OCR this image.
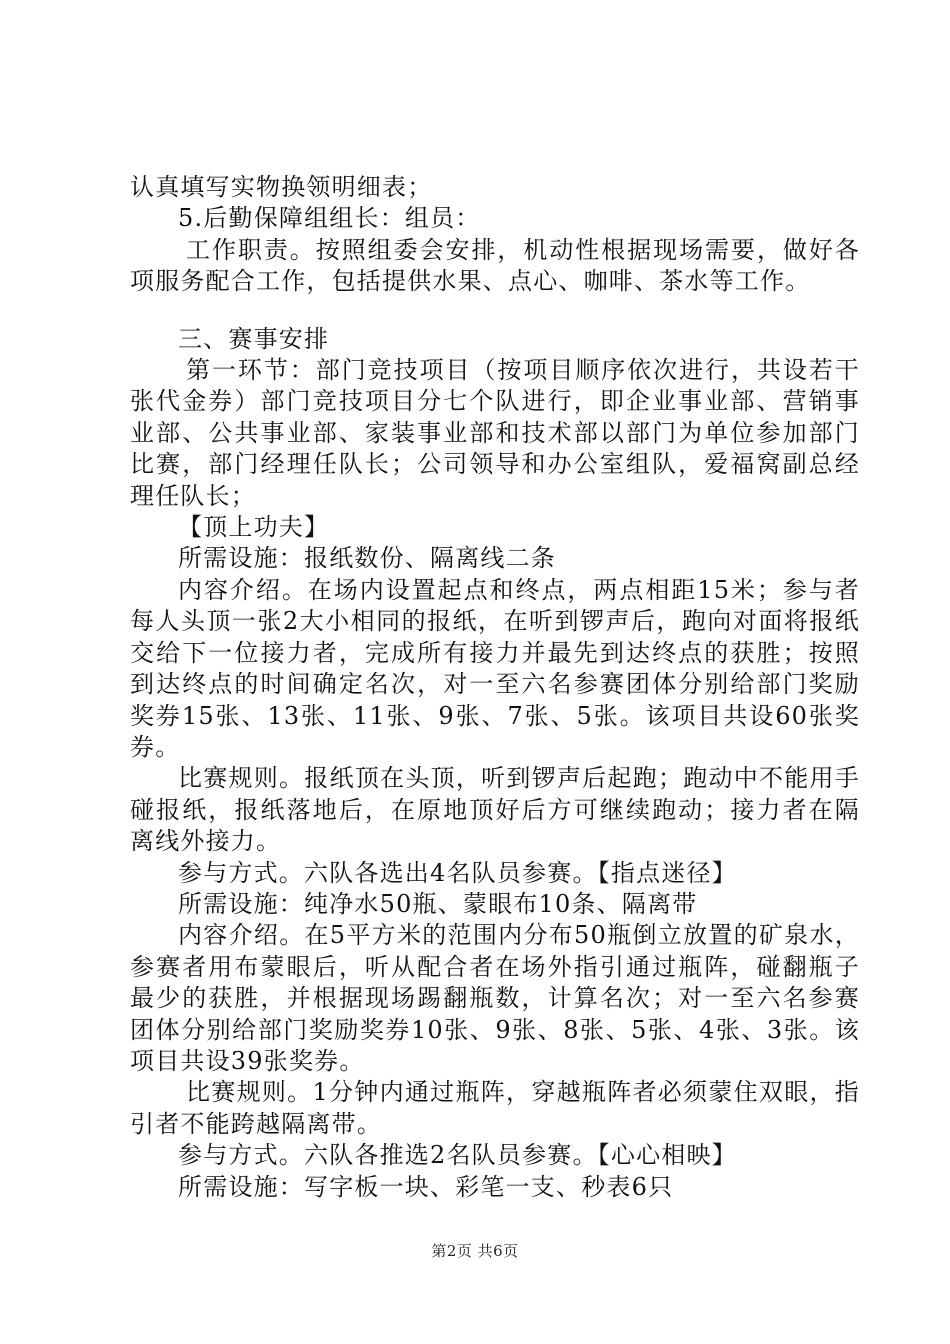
认真填写实物换领明细表；

5.后勤保障组组长：组员：

工作职责。按照组委会安排，机动性根据现场需要，做好各项服务配合工作，包括提供水果、点心、咖啡、茶水等工作。

三、赛事安排

第一环节：部门竞技项目（按项目顺序依次进行，共设若干张代金券）部门竞技项目分七个队进行，即企业事业部、营销事业部、公共事业部、家装事业部和技术部以部门为单位参加部门比赛，部门经理任队长；公司领导和办公室组队，爱福窝副总经理任队长；

【顶上功夫】

所需设施：报纸数份、隔离线二条

内容介绍。在场内设置起点和终点，两点相距15米；参与者每人头顶一张2大小相同的报纸，在听到锣声后，跑向对面将报纸交给下一位接力者，完成所有接力并最先到达终点的获胜；按照到达终点的时间确定名次，对一至六名参赛团体分别给部门奖励奖券15张、13张、11张、9张、7张、5张。该项目共设60张奖券。

比赛规则。报纸顶在头顶，听到锣声后起跑；跑动中不能用手碰报纸，报纸落地后，在原地顶好后方可继续跑动；接力者在隔离线外接力。

参与方式。六队各选出4名队员参赛。【指点迷径】

所需设施：纯净水50瓶、蒙眼布10条、隔离带

内容介绍。在5平方米的范围内分布50瓶倒立放置的矿泉水，参赛者用布蒙眼后，听从配合者在场外指引通过瓶阵，碰翻瓶子最少的获胜，并根据现场踢翻瓶数，计算名次；对一至六名参赛团体分别给部门奖励奖券10张、9张、8张、5张、4张、3张。该项目共设39张奖券。

比赛规则。1分钟内通过瓶阵，穿越瓶阵者必须蒙住双眼，指引者不能跨越隔离带。

参与方式。六队各推选2名队员参赛。【心心相映】

所需设施：写字板一块、彩笔一支、秒表6只

第2页 共6页
